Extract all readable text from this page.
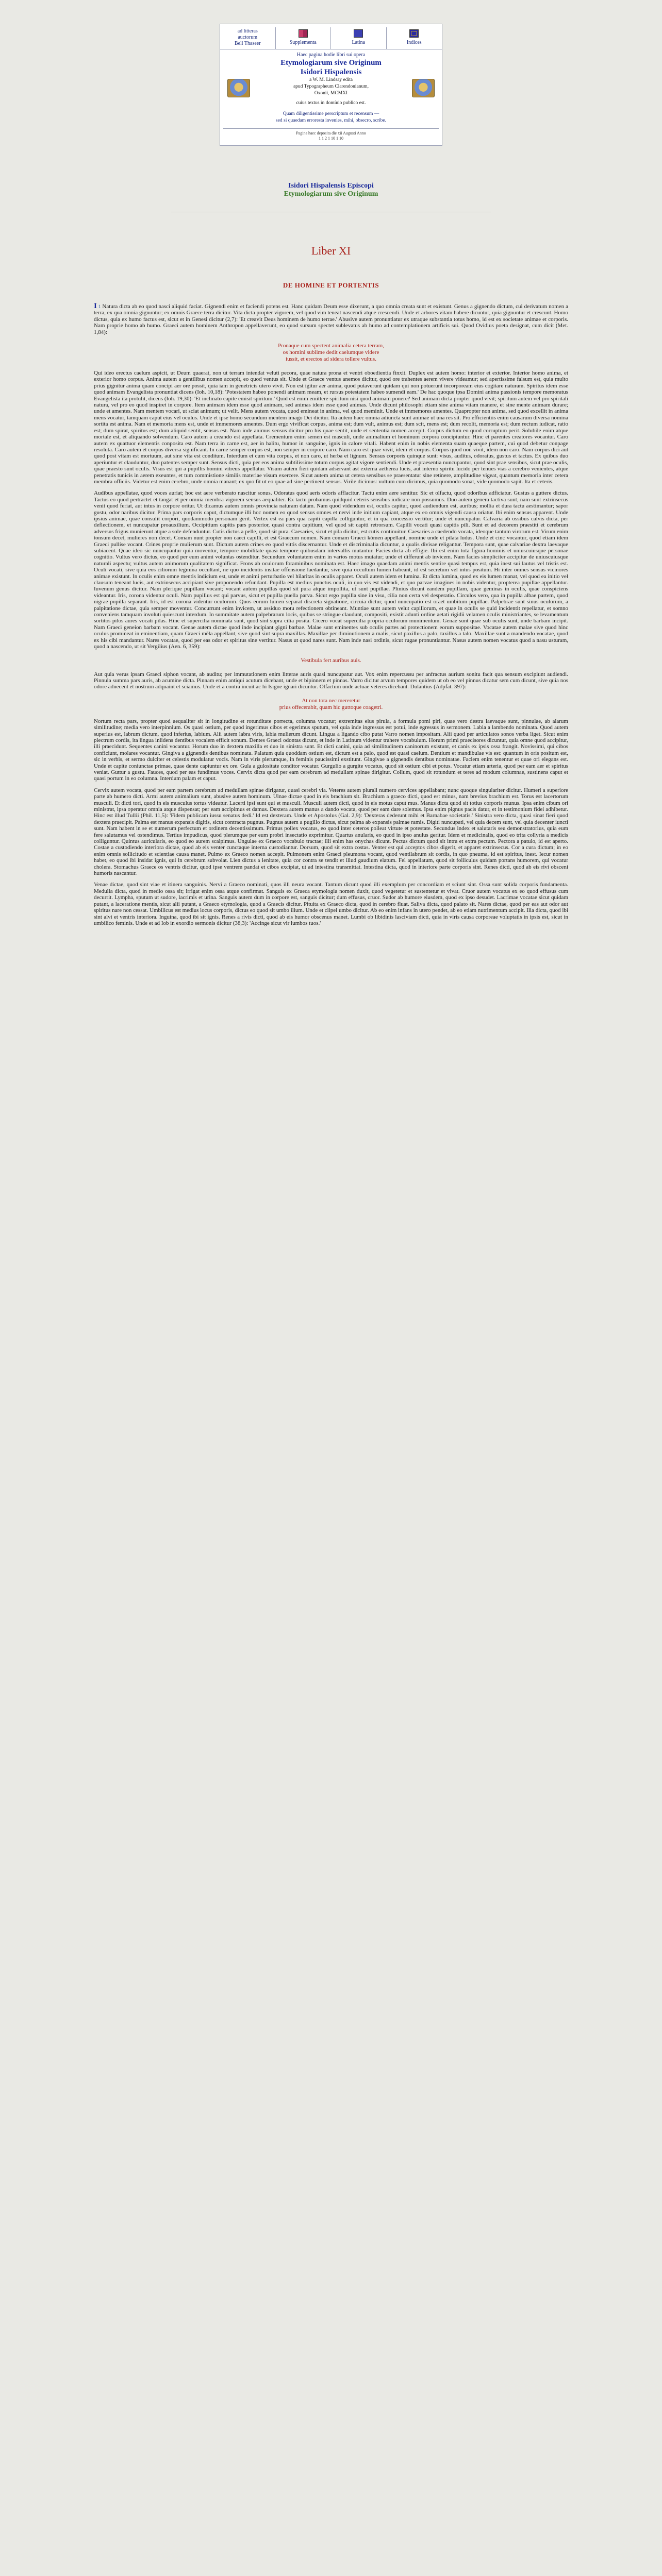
ad litteras
auctorum
Bell Thaseer	Supplementa	Latina	Indices
Haec pagina hodie libri sui opera
Etymologiarum sive Originum
Isidori Hispalensis
a W. M. Lindsay edita
apud Typographeum Clarendonianum,
Oxonii, MCMXI
cuius textus in domínio publico est.
Quam diligentissime perscriptum et recensum —
sed si quaedam erroresta invenies, mihi, obsecro, scribe.
Pagina haec deposita die xii Augusti Anno
1 1 2 1 10 1 10
Isidori Hispalensis Episcopi
Etymologiarum sive Originum
Liber XI
DE HOMINE ET PORTENTIS

I 1 Natura dicta ab eo quod nasci aliquid faciat. Gignendi enim et faciendi potens est. Hanc quidam Deum esse dixerunt, a quo omnia creata sunt et existunt. Genus a gignendo dictum, cui derivatum nomen a terra, ex qua omnia gignuntur; ex omnis Graece terra dicitur. Vita dicta propter vigorem, vel quod vim teneat nascendi atque crescendi. Unde et arbores vitam habere dicuntur, quia gignuntur et crescunt. Homo dictus, quia ex humo factus est, sicut et in Genesi dicitur (2,7): 'Et creavit Deus hominem de humo terrae.' Abusive autem pronuntiatur ex utraque substantia totus homo, id est ex societate animae et corporis. Nam proprie homo ab humo. Graeci autem hominem Anthropon appellaverunt, eo quod sursum spectet sublevatus ab humo ad contemplationem artificis sui. Quod Ovidius poeta designat, cum dicit (Met. 1,84):

Pronaque cum spectent animalia cetera terram,
os homini sublime dedit caelumque videre
iussit, et erectos ad sidera tollere vultus.

Qui ideo erectus caelum aspicit, ut Deum quaerat, non ut terram intendat veluti pecora, quae natura prona et ventri oboedientia finxit. Duplex est autem homo: interior et exterior. Interior homo anima, et exterior homo corpus. Anima autem a gentilibus nomen accepit, eo quod ventus sit. Unde et Graece ventus anemos dicitur, quod ore trahentes aerem vivere videamur; sed apertissime falsum est, quia multo prius gignitur anima quam concipi aer ore possit, quia iam in genetricis utero vivit. Non est igitur aer anima, quod putaverunt quidam qui non potuerunt incorpoream eius cogitare naturam. Spiritus idem esse quod animam Evangelista pronuntiat dicens (Ioh. 10,18): 'Potestatem habeo ponendi animam meam, et rursus potestatem habeo sumendi eam.' De hac quoque ipsa Domini anima passionis tempore memoratus Evangelista ita protulit, dicens (Ioh. 19,30): 'Et inclinato capite emisit spiritum.' Quid est enim emittere spiritum nisi quod animam ponere? Sed animam dicta propter quod vivit; spiritum autem vel pro spiritali natura, vel pro eo quod inspiret in corpore. Item animam idem esse quod animam, sed animas idem esse quod animas. Unde dicunt philosophi etiam sine anima vitam manere, et sine mente animam durare; unde et amentes. Nam mentem vocari, ut sciat animum; ut velit. Mens autem vocata, quod emineat in anima, vel quod meminit. Unde et immemores amentes. Quapropter non anima, sed quod excellit in anima mens vocatur, tamquam caput eius vel oculus. Unde et ipse homo secundum mentem imago Dei dicitur. Ita autem haec omnia adiuncta sunt animae ut una res sit. Pro efficientiis enim causarum diversa nomina sortita est anima. Nam et memoria mens est, unde et immemores amentes. Dum ergo vivificat corpus, anima est; dum vult, animus est; dum scit, mens est; dum recolit, memoria est; dum rectum iudicat, ratio est; dum spirat, spiritus est; dum aliquid sentit, sensus est. Nam inde animus sensus dicitur pro his quae sentit, unde et sententia nomen accepit. Corpus dictum eo quod corruptum perit. Solubile enim atque mortale est, et aliquando solvendum. Caro autem a creando est appellata. Crementum enim semen est masculi, unde animalium et hominum corpora concipiuntur. Hinc et parentes creatores vocantur. Caro autem ex quattuor elementis conposita est. Nam terra in carne est, aer in halitu, humor in sanguine, ignis in calore vitali. Habent enim in nobis elementa suam quaeque partem, cui quod debetur conpage resoluta. Caro autem et corpus diversa significant. In carne semper corpus est, non semper in corpore caro. Nam caro est quae vivit, idem et corpus. Corpus quod non vivit, idem non caro. Nam corpus dici aut quod post vitam est mortuum, aut sine vita est conditum. Interdum et cum vita corpus, et non caro, ut herba et lignum. Sensus corporis quinque sunt: visus, auditus, odoratus, gustus et tactus. Ex quibus duo aperiuntur et clauduntur, duo patentes semper sunt. Sensus dicti, quia per eos anima subtilissime totum corpus agitat vigore sentiendi. Unde et praesentia nuncupantur, quod sint prae sensibus, sicut prae oculis, quae praesto sunt oculis. Visus est qui a pupillis homini vitreus appellatur. Visum autem fieri quidam adservant ast externa aetherea lucis, aut interno spiritu lucido per tenues vias a cerebro venientes, atque penetratis tunicis in aerem exeuntes, et tum commistione similis materiae visum exercere. Sicut autem anima ut cetera sensibus se praesentatur sine retinere, amplitudine vigeat, quantum memoria inter cetera membra officiis. Videtur est enim cerebro, unde omnia manant; ex quo fit ut eo quae ad sine pertinent sensus. Virile dicimus: vultum cum dicimus, quia quomodo sonat, vide quomodo sapit. Ita et ceteris.

Audibus appellatae, quod voces auriat; hoc est aere verberato nascitur sonus. Odoratus quod aeris odoris afflacitur. Tactu enim aere sentitur. Sic et olfactu, quod odoribus adficiatur. Gustus a guttere dictus. Tactus eo quod pertractet et tangat et per omnia membra vigorem sensus aequaliter. Ex tactu probamus quidquid ceteris sensibus iudicare non possumus. Duo autem genera tactiva sunt, nam sunt extrinsecus venit quod feriat, aut intus in corpore oritur. Ut dicamus autem omnis provincia naturam datam. Nam quod videndum est, oculis capitur, quod audiendum est, auribus; mollia et dura tactu aestimantur; sapor gustu, odor naribus dicitur. Prima pars corporis caput, dictumque illi hoc nomen eo quod sensus omnes et nervi inde initium capiant, atque ex eo omnis vigendi causa oriatur. Ibi enim sensus apparent. Unde ipsius animae, quae consulit corpori, quodammodo personam gerit. Vertex est ea pars qua capiti capilla colliguntur, et in qua concessio vertitur; unde et nuncupatur. Calvaria ab ossibus calvis dicta, per deflectionem, et nuncupatur proauxilium. Occipitium capitis pars posterior, quasi contra capitium, vel quod sit capiti retrorsum. Capilli vocati quasi capitis pili. Sunt et ad decorem praestiti et cerebrum adversus frigus munierunt atque a sole defenduntur. Cutis dictus a pelle, quod sit pura. Caesaries, sicut et pila dicitur, est cutis continuitur. Caesaries a caedendo vocata, ideoque tantum virorum est. Virum enim tonsum decet, mulieres non decet. Comam nunt propter non caeci capilli, et est Graecum nomen. Nam comam Graeci kómen appellant, nomine unde et pilata ludus. Unde et cinc vocantur, quod etiam idem Graeci pullíse vocant. Crines proprie mulierum sunt. Dictum autem crines eo quod vittis discernantur. Unde et discriminalia dicuntur, a qualis divisae religantur. Tempora sunt, quae calvariae dextra laevaque subiacent. Quae ideo sic nuncupantur quia moventur, tempore mobilitate quasi tempore quibusdam intervallis mutantur. Facies dicta ab effigie. Ibi est enim tota figura hominis et uniuscuiusque personae cognitio. Vultus vero dictus, eo quod per eum animi voluntas ostenditur. Secundum voluntatem enim in varios motus mutatur; unde et differunt ab invicem. Nam facies simpliciter accipitur de uniuscuiusque naturali aspectu; vultus autem animorum qualitatem significat. Frons ab oculorum foraminibus nominata est. Haec imago quaedam animi mentis sentire quasi tempus est, quia inest sui lautus vel tristis est. Oculi vocati, sive quia eos ciliorum tegmina occultant, ne quo incidentis insitae offensione laedantur, sive quia occultum lumen habeant, id est secretum vel intus positum. Hi inter omnes sensus vicinores animae existunt. In oculis enim omne mentis indicium est, unde et animi perturbatio vel hilaritas in oculis apparet. Oculi autem idem et lumina. Et dicta lumina, quod ex eis lumen manat, vel quod ea initio vel clausum teneant lucis, aut extrinsecus accipiant sive proponendo refundant. Pupilla est medius punctus oculi, in quo vis est videndi, et quo parvae imagines in nobis videntur, propterea pupillae appellantur. Iuvenum genus dicitur. Nam plerique pupillam vocant; vocant autem pupillas quod sit pura atque impollita, ut sunt pupillae. Plinius dicunt eandem pupillam, quae geminas in oculis, quae conspiciens videantur. Iris, corona videntur oculi. Nam pupillus est qui parvus, sicut et pupilla puella parva. Sicut ergo pupilla sine in visu, cilia non certa vel desperatio. Circulos vero, qua in pupilla albae partem, quod nigrae pupilla separant. Iris, id est corona videntur oculorum. Quos eorum lumen separat discreta signatione, circuia dictur, quod nuncupatio est oraet umbitum pupillae. Palpebrae sunt sinus oculorum, a palpitatione dictae, quia semper moventur. Concurrunt enim invicem, ut assiduo motu refectionem obtineant. Muntiae sunt autem velut capillorum, et quae in oculis se quid incidentit repellatur, et somno conveniens tamquam involuti quiescunt interdum. In summitate autem palpebrarum locis, quibus se stringue claudunt, compositi, existit adunti ordine aetati rigidii velamen oculis ministriantes, se levamentum sortitos pilos aures vocati pilas. Hinc et supercilia nominata sunt, quod sint supra cilia posita. Cicero vocat supercilia propria oculorum munimentum. Genae sunt quae sub oculis sunt, unde barbam incipit. Nam Graeci geneion barbam vocant. Genae autem dictae quod inde incipiant gigni barbae. Malae sunt eminentes sub oculis partes ad protectionem eorum suppositae. Vocatae autem malae sive quod hinc oculus promineat in eminentiam, quam Graeci mēla appellant, sive quod sint supra maxillas. Maxillae per diminutionem a malis, sicut paxillus a palo, taxillus a talo. Maxillae sunt a mandendo vocatae, quod ex his cibi mandantur. Nares vocatae, quod per eas odor et spiritus sine vertitur. Nasus ut quod nares sunt. Nam inde nasi ordinis, sicut rugae pronuntiantur. Nasus autem nomen vocatus quod a nasu usturam, quod a nascendo, ut sit Vergilius (Aen. 6, 359):

Vestibula fert auribus auis.

Aut quia verus ipsam Graeci siphon vocant, ab auditu; per immutationem enim litterae auris quasi nuncupatur aut. Vox enim repercussu per anfractus aurium sonitu facit qua sensum excipiunt audiendi. Pinnula summa pars auris, ab acumine dicta. Pinnam enim antiqui acutum dicebant, unde et bipinnem et pinnas. Varro dicitur arvum tempores quidem ut ob eo vel pinnus dicatur sem cum dicunt, sive quia nos odore adnecent et nostrum adquaint et sciamus. Unde et a contra incuit ac hi Isigne ignari dicuntur. Olfactum unde actuae veteres dicebant. Dulantius (Adpfat. 397):

At non tota nec mereretur
prius offecerabit, quam hic guttoque coagetri.

Nortum recta pars, propter quod aequaliter sit in longitudine et rotunditate porrecta, columna vocatur; extremitas eius pirula, a formula pomi piri, quae vero destra laevaque sunt, pinnulae, ab alarum similitudine; media vero interpinnium. Os quasi ostium, per quod ingerimus cibos et egerimus sputum, vel quia inde ingressus est potui, inde egressus in sermonem. Labia a lambendo nominata. Quod autem superius est, labrum dictum, quod inferius, labium. Alii autem labra viris, labia mulierum dicunt. Lingua a ligando cibo putat Varro nomen impositam. Alii quod per articulatos sonos verba liget. Sicut enim plectrum cordis, ita lingua inlidens dentibus vocalem efficit sonum. Dentes Graeci odontas dicunt, et inde in Latinum videntur trahere vocabulum. Horum primi praecisores dicuntur, quia omne quod accipitur, illi praecidunt. Sequentes canini vocantur. Horum duo in dextera maxilla et duo in sinistra sunt. Et dicti canini, quia ad similitudinem caninorum existunt, et canis ex ipsis ossa frangit. Novissimi, qui cibos conficiunt, molares vocantur. Gingiva a gignendis dentibus nominata. Palatum quia quoddam ostium est, dictum est a palo, quod est quasi caelum. Dentium et mandibulae vis est: quantum in oris positum est, sic in verbis, et sermo dulciter et celestis modulatur vocis. Nam in viris plerumque, in feminis paucissimi exstitunt. Gingivae a gignendis dentibus nominatae. Faciem enim tenentur et quae ori elegans est. Unde et capite coniunctae primae, quae dente capiuntur ex ore. Gula a gulositate conditor vocatur. Gurgulio a gurgite vocatus, quod sit ostium cibi et potus. Vocatur etiam arteria, quod per eam aer et spiritus veniat. Guttur a gustu. Fauces, quod per eas fundimus voces. Cervix dicta quod per eam cerebrum ad medullam spinae dirigitur. Collum, quod sit rotundum et teres ad modum columnae, sustinens caput et quasi portum in eo columna. Interdum palam et caput.

Cervix autem vocata, quod per eam partem cerebrum ad medullam spinae dirigatur, quasi cerebri via. Veteres autem plurali numero cervices appellabant; nunc quoque singulariter dicitur. Humeri a superiore parte ab humero dicti. Armi autem animalium sunt, abusive autem hominum. Ulnae dictae quod in eis brachium sit. Brachium a graeco dicti, quod est minus, nam brevius brachium est. Torus est lacertorum musculi. Et dicti tori, quod in eis musculus tortus videatur. Lacerti ipsi sunt qui et musculi. Musculi autem dicti, quod in eis motus caput mus. Manus dicta quod sit totius corporis munus. Ipsa enim cibum ori ministrat, ipsa operatur omnia atque dispensat; per eam accipimus et damus. Dextera autem manus a dando vocata, quod per eam dare solemus. Ipsa enim pignus pacis datur, et in testimonium fidei adhibetur. Hinc est illud Tullii (Phil. 11,5): 'Fidem publicam iussu senatus dedi.' Id est dexteram. Unde et Apostolus (Gal. 2,9): 'Dexteras dederunt mihi et Barnabae societatis.' Sinistra vero dicta, quasi sinat fieri quod dextera praecipit. Palma est manus expansis digitis, sicut contracta pugnus. Pugnus autem a pugillo dictus, sicut palma ab expansis palmae ramis. Digiti nuncupati, vel quia decem sunt, vel quia decenter iuncti sunt. Nam habent in se et numerum perfectum et ordinem decentissimum. Primus pollex vocatus, eo quod inter ceteros polleat virtute et potestate. Secundus index et salutaris seu demonstratorius, quia eum fere salutamus vel ostendimus. Tertius impudicus, quod plerumque per eum probri insectatio exprimitur. Quartus anularis, eo quod in ipso anulus geritur. Idem et medicinalis, quod eo trita collyria a medicis colliguntur. Quintus auricularis, eo quod eo aurem scalpimus. Ungulae ex Graeco vocabulo tractae; illi enim has onychas dicunt. Pectus dictum quod sit intra et extra pectum. Pectora a patulo, id est aperto. Costae a custodiendo interiora dictae, quod ab eis venter cunctaque interna custodiantur. Dorsum, quod sit extra costas. Venter est qui acceptos cibos digerit, et apparet extrinsecus. Cor a cura dictum; in eo enim omnis sollicitudo et scientiae causa manet. Pulmo ex Graeco nomen accepit. Pulmonem enim Graeci pleumona vocant, quod ventilabrum sit cordis, in quo pneuma, id est spiritus, inest. Iecur nomen habet, eo quod ibi insidat ignis, qui in cerebrum subvolat. Lien dictus a lenitate, quia cor contra se tendit et illud gaudium elatum. Fel appellatum, quod sit folliculus quidam portans humorem, qui vocatur cholera. Stomachus Graece os ventris dicitur, quod ipse ventrem pandat et cibos excipiat, ut ad intestina transmittat. Intestina dicta, quod in interiore parte corporis sint. Renes dicti, quod ab eis rivi obsceni humoris nascantur.

Venae dictae, quod sint viae et itinera sanguinis. Nervi a Graeco nominati, quos illi neura vocant. Tantum dicunt quod illi exemplum per concordiam et sciunt sint. Ossa sunt solida corporis fundamenta. Medulla dicta, quod in medio ossa sit; irrigat enim ossa atque confirmat. Sanguis ex Graeca etymologia nomen duxit, quod vegetetur et sustentetur et vivat. Cruor autem vocatus ex eo quod effusus cum decurrit. Lympha, sputum ut sudore, lacrimis et urina. Sanguis autem dum in corpore est, sanguis dicitur; dum effusus, cruor. Sudor ab humore eiusdem, quod ex ipso desudet. Lacrimae vocatae sicut quidam putant, a laceratione mentis, sicut alii putant, a Graeco etymologia, quod a Graecis dicitur. Pituita ex Graeco dicta, quod in cerebro fluat. Saliva dicta, quod palato sit. Nares dictae, quod per eas aut odor aut spiritus nare non cessat. Umbilicus est medius locus corporis, dictus eo quod sit umbo ilium. Unde et clipei umbo dicitur. Ab eo enim infans in utero pendet, ab eo etiam nutrimentum accipit. Ilia dicta, quod ibi sint alvi et ventris interiora. Inguina, quod ibi sit ignis. Renes a rivis dicti, quod ab eis humor obscenus manet. Lumbi ob libidinis lasciviam dicti, quia in viris causa corporeae voluptatis in ipsis est, sicut in umbilico feminis. Unde et ad Iob in exordio sermonis dicitur (38,3): 'Accinge sicut vir lumbos tuos.'
